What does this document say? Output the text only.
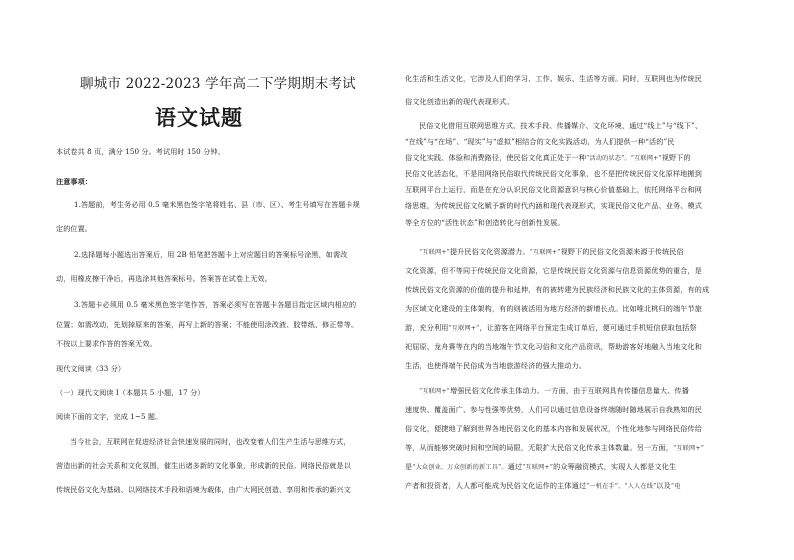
聊城市 2022-2023 学年高二下学期期末考试
语文试题
本试卷共 8 页，满分 150 分。考试用时 150 分钟。
注意事项：
1.答题前，考生务必用 0.5 毫米黑色签字笔将姓名、县（市、区）、考生号填写在答题卡规
定的位置。
2.选择题每小题选出答案后，用 2B 铅笔把答题卡上对应题目的答案标号涂黑，如需改
动，用橡皮擦干净后，再选涂其他答案标号。答案答在试卷上无效。
3.答题卡必须用 0.5 毫米黑色签字笔作答，答案必须写在答题卡各题目指定区域内相应的
位置；如需改动，先划掉原来的答案，再写上新的答案；不能使用涂改液、胶带纸、修正带等。
不按以上要求作答的答案无效。
现代文阅读（33 分）
（一）现代文阅读 I（本题共 5 小题，17 分）
阅读下面的文字，完成 1~5 题。
当今社会，互联网在促进经济社会快速发展的同时，也改变着人们生产生活与思维方式，
营造出新的社会关系和文化氛围，催生出诸多新的文化事象，形成新的民俗。网络民俗就是以
传统民俗文化为基础、以网络技术手段和语境为载体，由广大网民创造、享用和传承的新兴文
化生活和生活文化，它涉及人们的学习、工作、娱乐、生活等方面。同时，互联网也为传统民
俗文化创造出新的现代表现形式。
民俗文化借用互联网思维方式、技术手段、传播媒介、文化环境，通过“线上”与“线下”、
“在线”与“在场”、“现实”与“虚拟”相结合的文化实践活动，为人们提供一种“活的”民
俗文化实践、体验和消费路径，使民俗文化真正处于一种“活动的状态”。“互联网+”视野下的
民俗文化活态化，不是用网络民俗取代传统民俗文化事象，也不是把传统民俗文化原样地搬到
互联网平台上运行，而是在充分认识民俗文化资源意识与核心价值基础上，依托网络平台和网
络思维，为传统民俗文化赋予新的时代内涵和现代表现形式，实现民俗文化产品、业务、模式
等全方位的“活性状态”和创造转化与创新性发展。
“互联网+”提升民俗文化资源潜力。“互联网+”视野下的民俗文化资源来源于传统民俗
文化资源，但不等同于传统民俗文化资源，它是传统民俗文化资源与信息资源优势的重合，是
传统民俗文化资源的价值的提升和延伸，有的被转建为民族经济和民族文化的主体资源，有的成
为区域文化建设的主体架构，有的则被活用为地方经济的新增长点。比如唯北桃归的端午节旅
游，充分利用“互联网+”，让游客在网络平台预定生成订单后，便可通过手机短信获取包括祭
祀屈原、龙舟赛等在内的当地端午节文化习俗和文化产品资讯，帮助游客好地融入当地文化和
生活，也使得端午民俗成为当地旅游经济的强大推动力。
“互联网+”增强民俗文化传承主体动力。一方面，由于互联网具有传播信息量大、传播
速度快、覆盖面广、参与性强等优势，人们可以通过信息设备终端随时随地展示自我熟知的民
俗文化，便捷地了解到世界各地民俗文化的基本内容和发展状况，个性化地参与网络民俗传给
等，从而能够突破时间和空间的局限，无限扩大民俗文化传承主体数量。另一方面，“互联网+”
是“大众创业、万众创新的新工具”。通过“互联网+”的众筹融资模式，实现人人都是文化生
产者和投资者，人人都可能成为民俗文化运作的主体通过“一机在手”、“人人在线”以及“电
